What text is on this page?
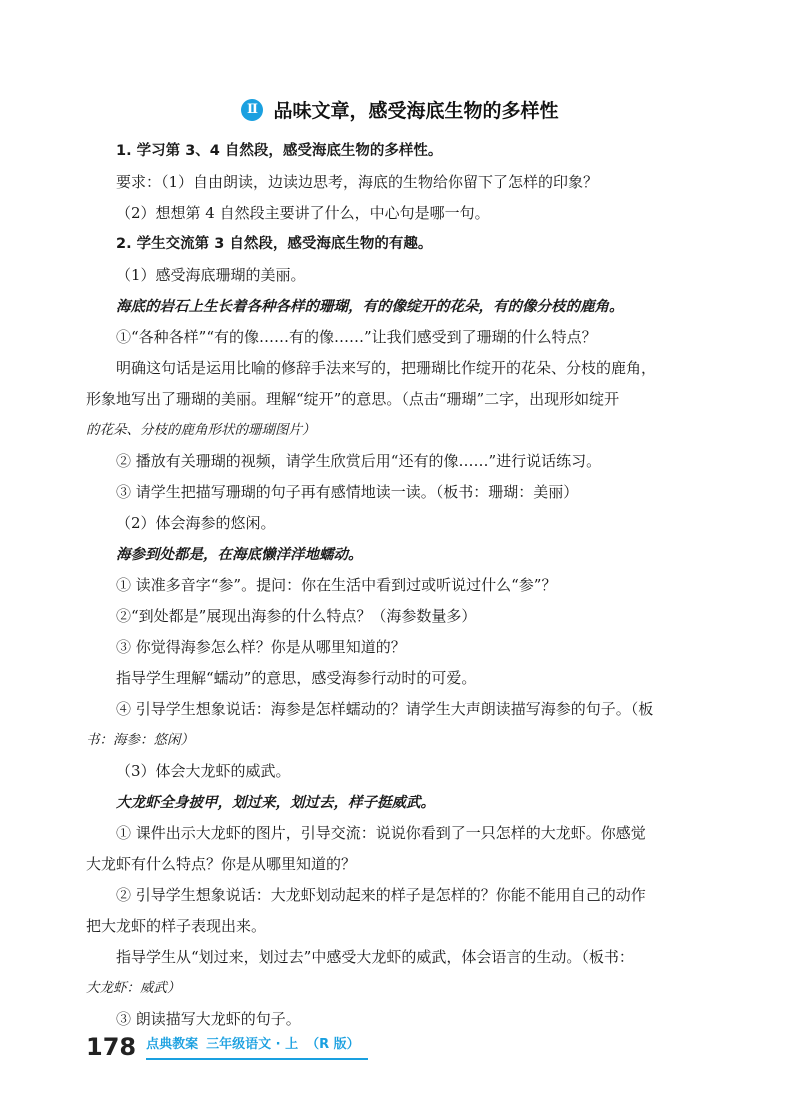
Ⅱ 品味文章，感受海底生物的多样性

1. 学习第 3、4 自然段，感受海底生物的多样性。

要求：（1）自由朗读，边读边思考，海底的生物给你留下了怎样的印象？

（2）想想第 4 自然段主要讲了什么，中心句是哪一句。

2. 学生交流第 3 自然段，感受海底生物的有趣。

（1）感受海底珊瑚的美丽。

海底的岩石上生长着各种各样的珊瑚，有的像绽开的花朵，有的像分枝的鹿角。

①“各种各样”“有的像……有的像……”让我们感受到了珊瑚的什么特点？

明确这句话是运用比喻的修辞手法来写的，把珊瑚比作绽开的花朵、分枝的鹿角，

形象地写出了珊瑚的美丽。理解“绽开”的意思。（点击“珊瑚”二字，出现形如绽开

的花朵、分枝的鹿角形状的珊瑚图片）

② 播放有关珊瑚的视频，请学生欣赏后用“还有的像……”进行说话练习。

③ 请学生把描写珊瑚的句子再有感情地读一读。（板书：珊瑚：美丽）

（2）体会海参的悠闲。

海参到处都是，在海底懒洋洋地蠕动。

① 读准多音字“参”。提问：你在生活中看到过或听说过什么“参”？

②“到处都是”展现出海参的什么特点？（海参数量多）

③ 你觉得海参怎么样？你是从哪里知道的？

指导学生理解“蠕动”的意思，感受海参行动时的可爱。

④ 引导学生想象说话：海参是怎样蠕动的？请学生大声朗读描写海参的句子。（板

书：海参：悠闲）

（3）体会大龙虾的威武。

大龙虾全身披甲，划过来，划过去，样子挺威武。

① 课件出示大龙虾的图片，引导交流：说说你看到了一只怎样的大龙虾。你感觉

大龙虾有什么特点？你是从哪里知道的？

② 引导学生想象说话：大龙虾划动起来的样子是怎样的？你能不能用自己的动作

把大龙虾的样子表现出来。

指导学生从“划过来，划过去”中感受大龙虾的威武，体会语言的生动。（板书：

大龙虾：威武）

③ 朗读描写大龙虾的句子。

178 点典教案 三年级语文 · 上 （R 版）
